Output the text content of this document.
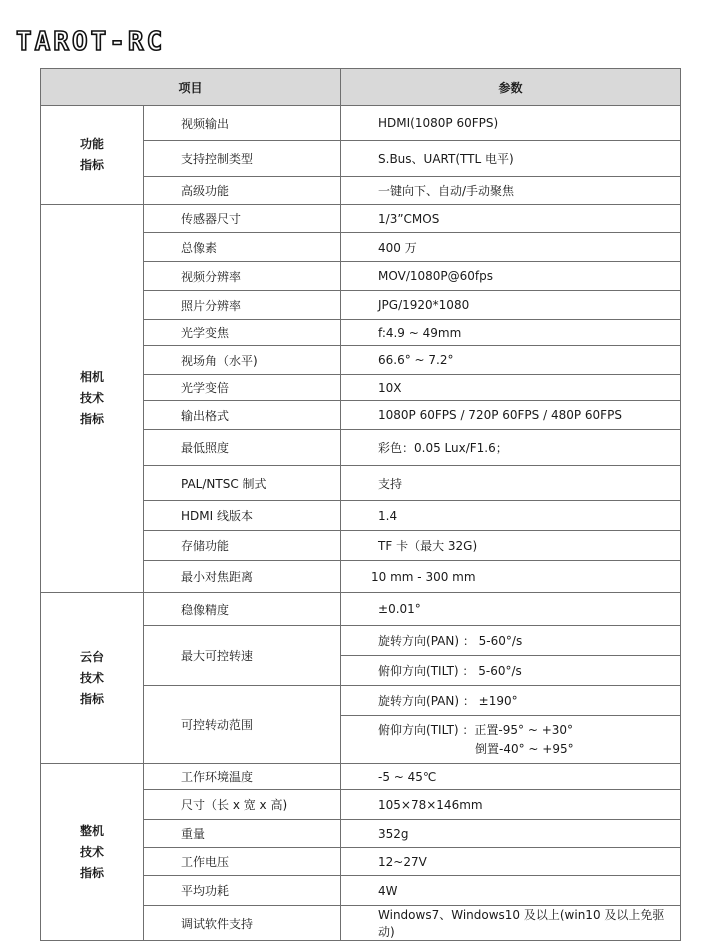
TAROT-RC
项目		参数

功能
指标	视频输出	HDMI(1080P 60FPS)
	支持控制类型	S.Bus、UART(TTL 电平)
	高级功能	一键向下、自动/手动聚焦

相机
技术
指标	传感器尺寸	1/3”CMOS
	总像素	400 万
	视频分辨率	MOV/1080P@60fps
	照片分辨率	JPG/1920*1080
	光学变焦	f:4.9 ~ 49mm
	视场角（水平)	66.6° ~ 7.2°
	光学变倍	10X
	输出格式	1080P 60FPS / 720P 60FPS / 480P 60FPS
	最低照度	彩色：0.05 Lux/F1.6；
	PAL/NTSC 制式	支持
	HDMI 线版本	1.4
	存储功能	TF 卡（最大 32G)
	最小对焦距离	10 mm - 300 mm

云台
技术
指标	稳像精度	±0.01°
	最大可控转速	旋转方向(PAN) ： 5-60°/s
		俯仰方向(TILT) ： 5-60°/s
	可控转动范围	旋转方向(PAN) ： ±190°

		俯仰方向(TILT) ：正置-95° ~ +30°
倒置-40° ~ +95°

整机
技术
指标	工作环境温度	-5 ~ 45℃
	尺寸（长 x 宽 x 高)	105×78×146mm
	重量	352g
	工作电压	12~27V
	平均功耗	4W
	调试软件支持	Windows7、Windows10 及以上(win10 及以上免驱动)
